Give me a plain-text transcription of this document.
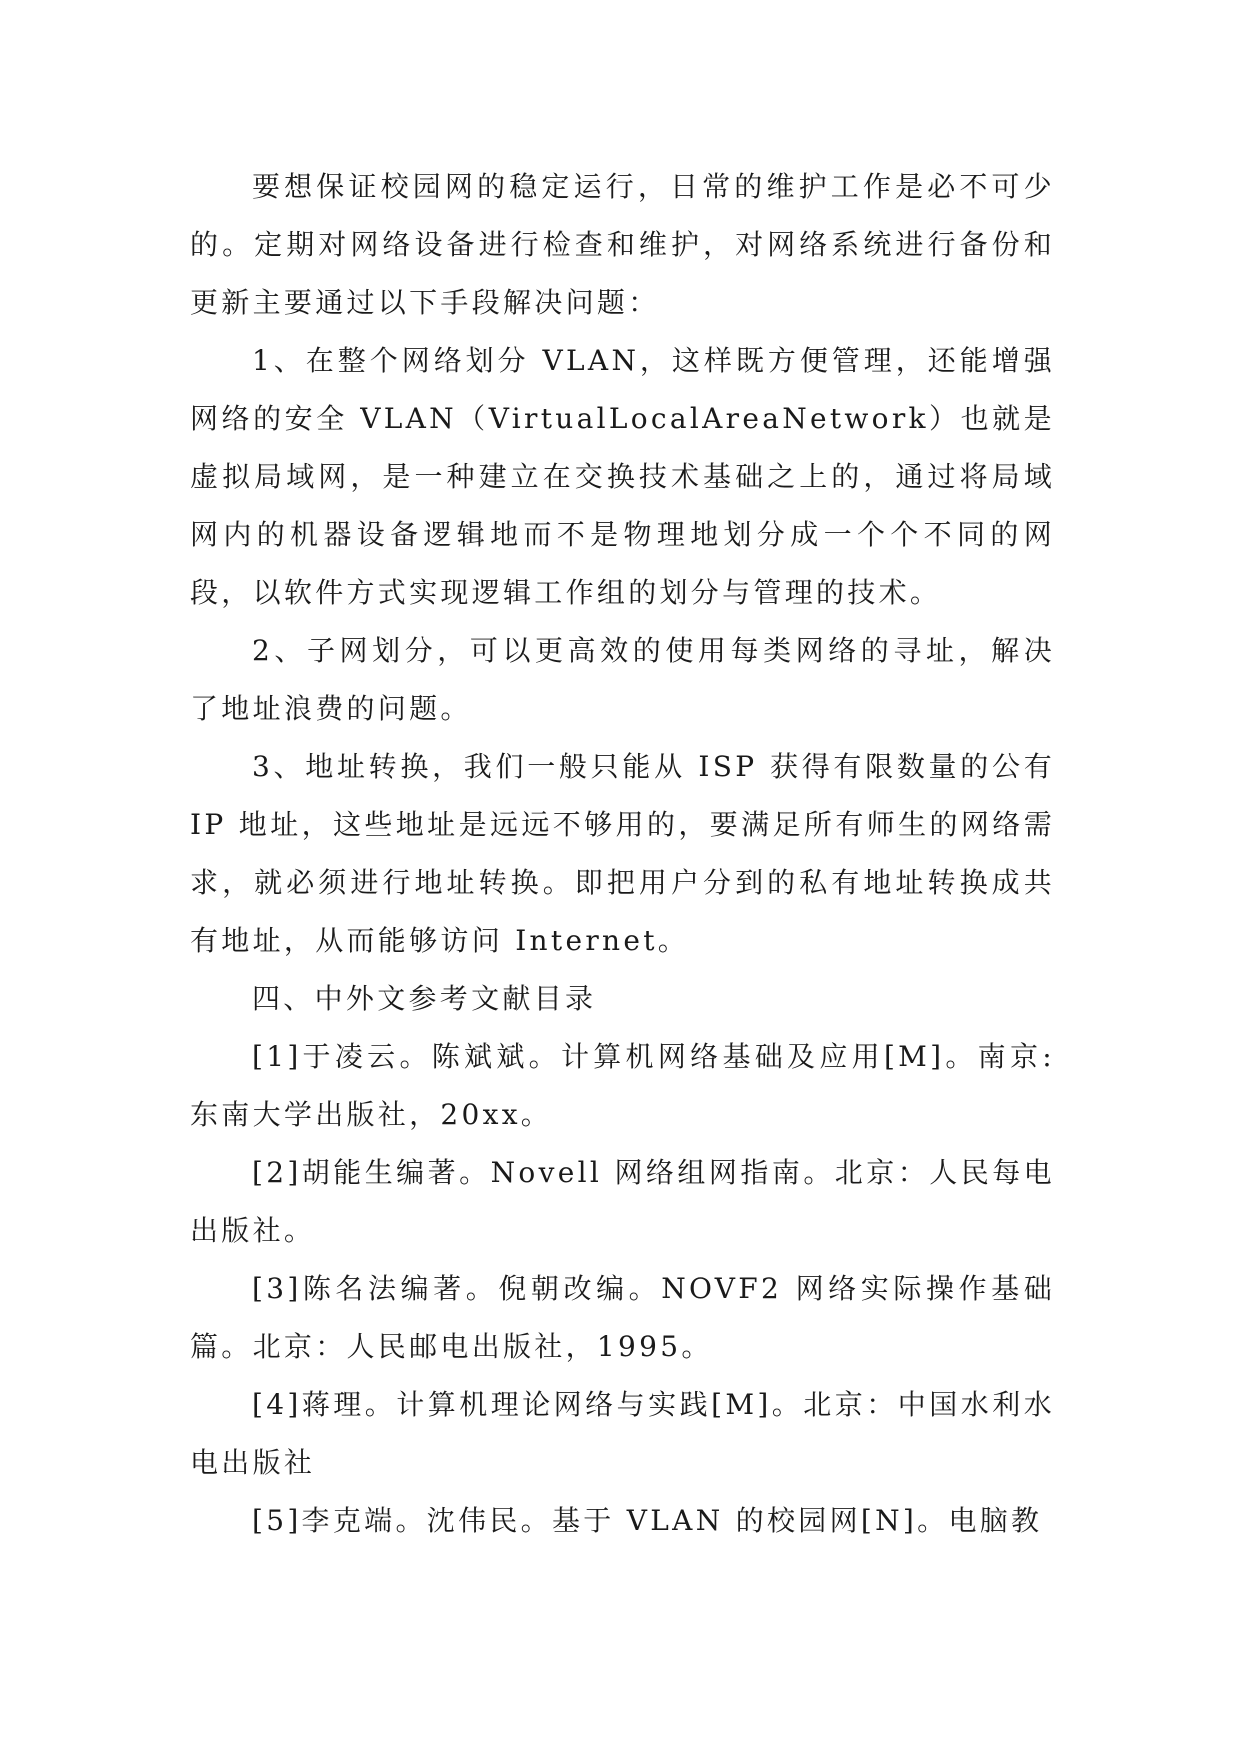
要想保证校园网的稳定运行，日常的维护工作是必不可少的。定期对网络设备进行检查和维护，对网络系统进行备份和更新主要通过以下手段解决问题：

1、在整个网络划分 VLAN，这样既方便管理，还能增强网络的安全 VLAN（VirtualLocalAreaNetwork）也就是虚拟局域网，是一种建立在交换技术基础之上的，通过将局域网内的机器设备逻辑地而不是物理地划分成一个个不同的网段，以软件方式实现逻辑工作组的划分与管理的技术。

2、子网划分，可以更高效的使用每类网络的寻址，解决了地址浪费的问题。

3、地址转换，我们一般只能从 ISP 获得有限数量的公有 IP 地址，这些地址是远远不够用的，要满足所有师生的网络需求，就必须进行地址转换。即把用户分到的私有地址转换成共有地址，从而能够访问 Internet。

四、中外文参考文献目录

[1]于凌云。陈斌斌。计算机网络基础及应用[M]。南京:东南大学出版社，20xx。

[2]胡能生编著。Novell 网络组网指南。北京：人民每电出版社。

[3]陈名法编著。倪朝改编。NOVF2 网络实际操作基础篇。北京：人民邮电出版社，1995。

[4]蒋理。计算机理论网络与实践[M]。北京：中国水利水电出版社

[5]李克端。沈伟民。基于 VLAN 的校园网[N]。电脑教
